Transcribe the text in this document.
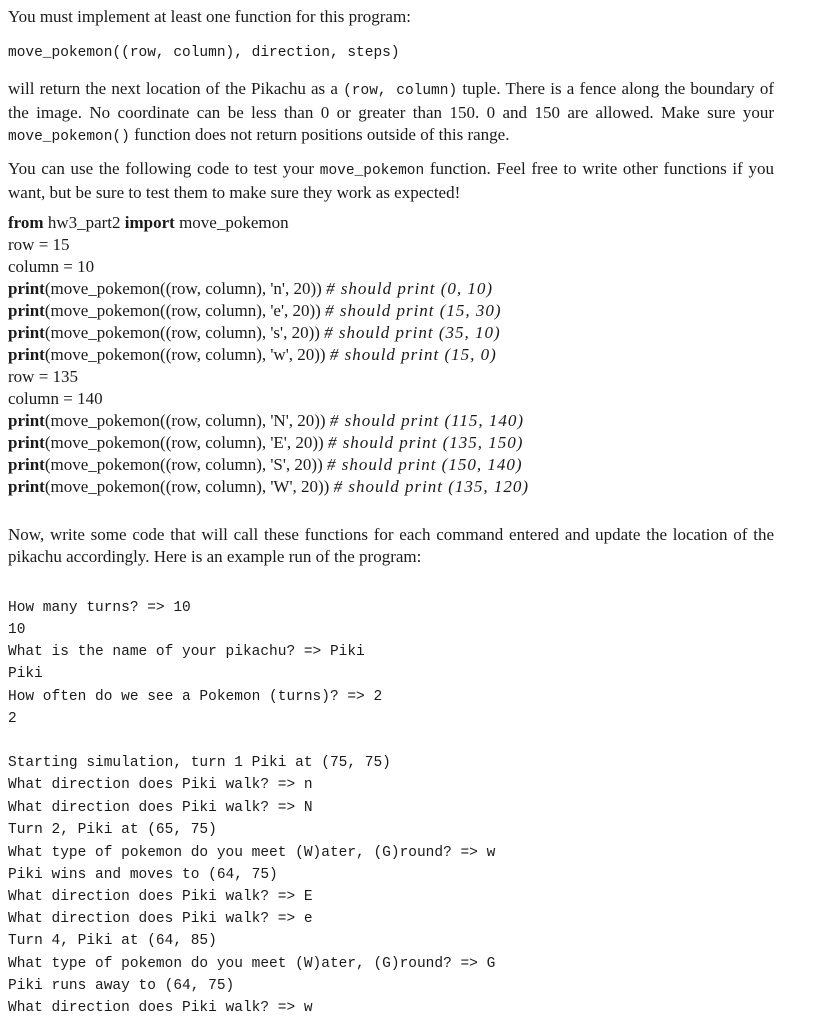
You must implement at least one function for this program:
move_pokemon((row, column), direction, steps)
will return the next location of the Pikachu as a (row, column) tuple. There is a fence along the boundary of the image. No coordinate can be less than 0 or greater than 150. 0 and 150 are allowed. Make sure your move_pokemon() function does not return positions outside of this range.
You can use the following code to test your move_pokemon function. Feel free to write other functions if you want, but be sure to test them to make sure they work as expected!
from hw3_part2 import move_pokemon
row = 15
column = 10
print(move_pokemon((row, column), 'n', 20)) # should print (0, 10)
print(move_pokemon((row, column), 'e', 20)) # should print (15, 30)
print(move_pokemon((row, column), 's', 20)) # should print (35, 10)
print(move_pokemon((row, column), 'w', 20)) # should print (15, 0)
row = 135
column = 140
print(move_pokemon((row, column), 'N', 20)) # should print (115, 140)
print(move_pokemon((row, column), 'E', 20)) # should print (135, 150)
print(move_pokemon((row, column), 'S', 20)) # should print (150, 140)
print(move_pokemon((row, column), 'W', 20)) # should print (135, 120)
Now, write some code that will call these functions for each command entered and update the location of the pikachu accordingly. Here is an example run of the program:
How many turns? => 10
10
What is the name of your pikachu? => Piki
Piki
How often do we see a Pokemon (turns)? => 2
2
Starting simulation, turn 1 Piki at (75, 75)
What direction does Piki walk? => n
What direction does Piki walk? => N
Turn 2, Piki at (65, 75)
What type of pokemon do you meet (W)ater, (G)round? => w
Piki wins and moves to (64, 75)
What direction does Piki walk? => E
What direction does Piki walk? => e
Turn 4, Piki at (64, 85)
What type of pokemon do you meet (W)ater, (G)round? => G
Piki runs away to (64, 75)
What direction does Piki walk? => w
